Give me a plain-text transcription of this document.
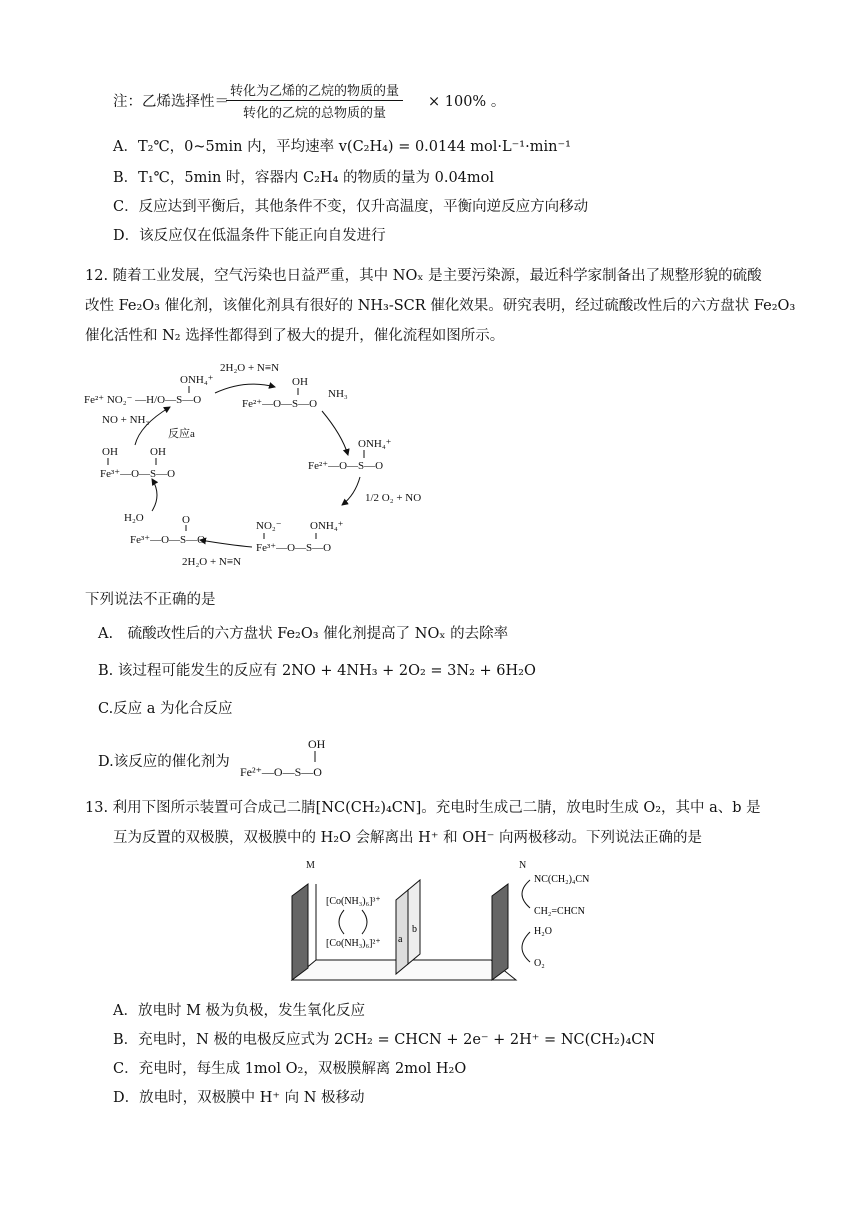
注：乙烯选择性＝
转化为乙烯的乙烷的物质的量
转化的乙烷的总物质的量
× 100% 。
A．T₂℃，0~5min 内，平均速率 v(C₂H₄) = 0.0144 mol·L⁻¹·min⁻¹
B．T₁℃，5min 时，容器内 C₂H₄ 的物质的量为 0.04mol
C．反应达到平衡后，其他条件不变，仅升高温度，平衡向逆反应方向移动
D．该反应仅在低温条件下能正向自发进行
12. 随着工业发展，空气污染也日益严重，其中 NOₓ 是主要污染源，最近科学家制备出了规整形貌的硫酸
改性 Fe₂O₃ 催化剂，该催化剂具有很好的 NH₃-SCR 催化效果。研究表明，经过硫酸改性后的六方盘状 Fe₂O₃
催化活性和 N₂ 选择性都得到了极大的提升，催化流程如图所示。
ONH₄⁺
Fe²⁺ NO₂⁻ —H/O—S—O
2H₂O + N≡N
OH
Fe²⁺—O—S—O
NH₃
ONH₄⁺
Fe²⁺—O—S—O
1/2 O₂ + NO
NO₂⁻	ONH₄⁺
Fe³⁺—O—S—O
2H₂O + N≡N
O
Fe³⁺—O—S—O
H₂O
OH	OH
Fe³⁺—O—S—O
NO + NH₃
反应a
下列说法不正确的是
A.　硫酸改性后的六方盘状 Fe₂O₃ 催化剂提高了 NOₓ 的去除率
B. 该过程可能发生的反应有 2NO + 4NH₃ + 2O₂ = 3N₂ + 6H₂O
C.反应 a 为化合反应
D.该反应的催化剂为
OH
Fe²⁺—O—S—O
13. 利用下图所示装置可合成己二腈[NC(CH₂)₄CN]。充电时生成己二腈，放电时生成 O₂，其中 a、b 是
互为反置的双极膜，双极膜中的 H₂O 会解离出 H⁺ 和 OH⁻ 向两极移动。下列说法正确的是
M	N
a
b
[Co(NH₃)₆]³⁺
[Co(NH₃)₆]²⁺
NC(CH₂)₄CN
CH₂=CHCN
H₂O
O₂
A．放电时 M 极为负极，发生氧化反应
B．充电时，N 极的电极反应式为 2CH₂ = CHCN + 2e⁻ + 2H⁺ = NC(CH₂)₄CN
C．充电时，每生成 1mol O₂，双极膜解离 2mol H₂O
D．放电时，双极膜中 H⁺ 向 N 极移动
